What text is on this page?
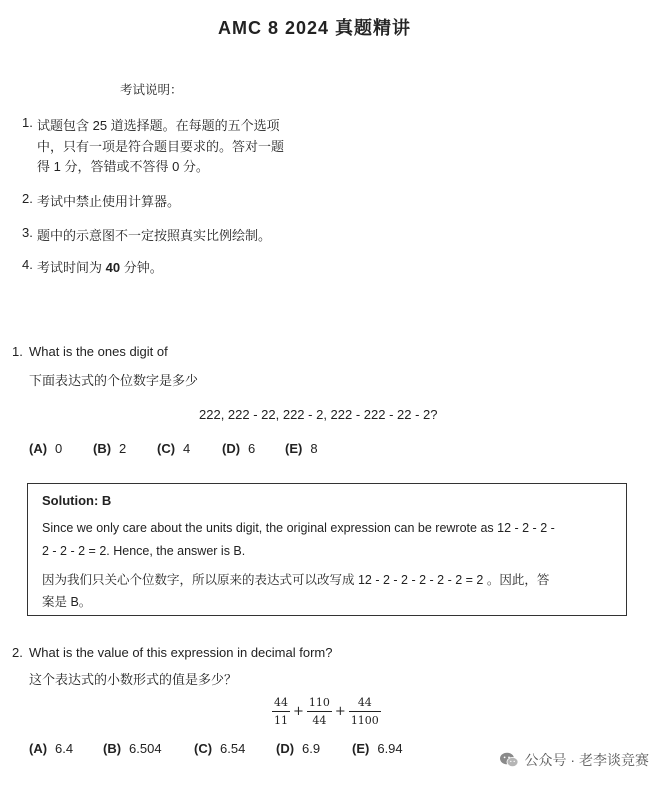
AMC 8 2024 真题精讲
考试说明：
1. 试题包含 25 道选择题。在每题的五个选项
中，只有一项是符合题目要求的。答对一题
得 1 分，答错或不答得 0 分。
2. 考试中禁止使用计算器。
3. 题中的示意图不一定按照真实比例绘制。
4. 考试时间为 40 分钟。
1. What is the ones digit of
下面表达式的个位数字是多少
222, 222 - 22, 222 - 2, 222 - 222 - 22 - 2?
(A) 0 (B) 2 (C) 4 (D) 6 (E) 8
Solution: B
Since we only care about the units digit, the original expression can be rewrote as 12 - 2 - 2 -
2 - 2 - 2 = 2. Hence, the answer is B.
因为我们只关心个位数字，所以原来的表达式可以改写成 12 - 2 - 2 - 2 - 2 - 2 = 2 。因此，答
案是 B。
2. What is the value of this expression in decimal form?
这个表达式的小数形式的值是多少？
$\frac{44}{11} + \frac{110}{44} + \frac{44}{1100}$
(A) 6.4 (B) 6.504 (C) 6.54 (D) 6.9 (E) 6.94
公众号 · 老李谈竞赛
